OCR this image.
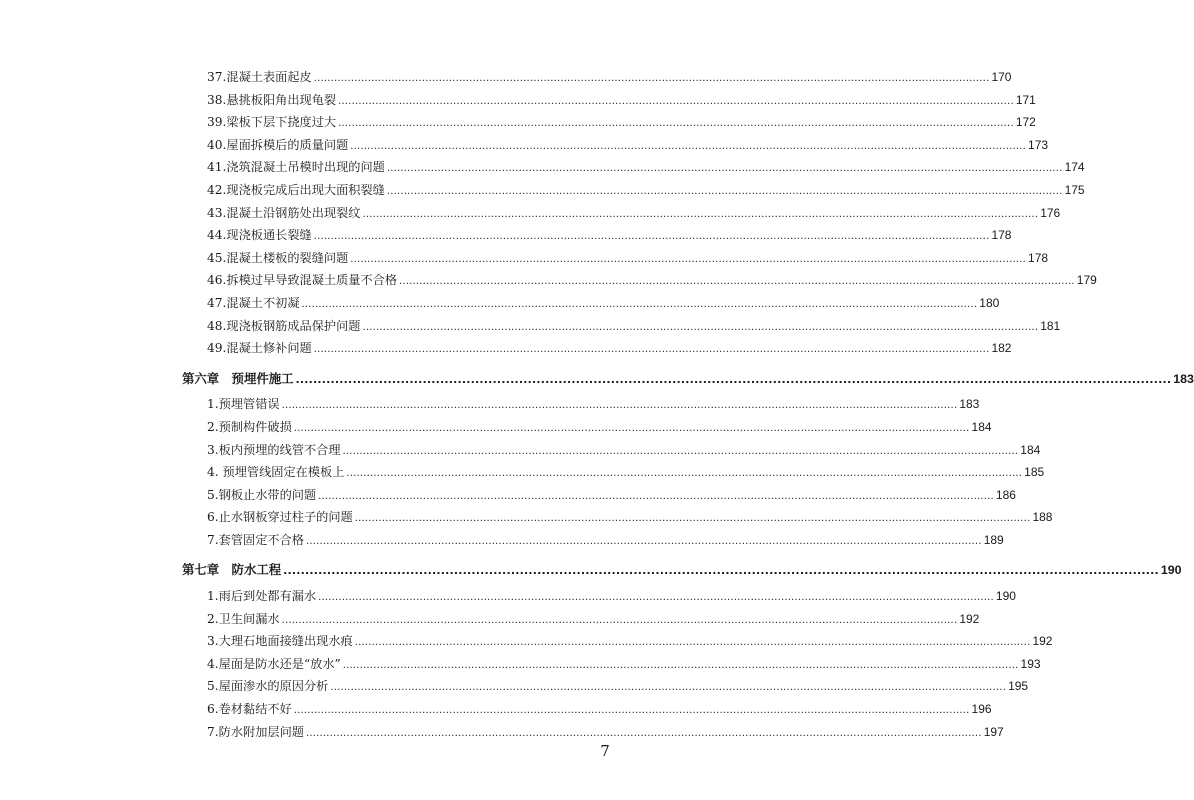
37.混凝土表面起皮 ........................................................................................................................................................................................................ 170
38.悬挑板阳角出现龟裂 ........................................................................................................................................................................................................ 171
39.梁板下层下挠度过大 ........................................................................................................................................................................................................ 172
40.屋面拆模后的质量问题 ........................................................................................................................................................................................................ 173
41.浇筑混凝土吊模时出现的问题 ........................................................................................................................................................................................................ 174
42.现浇板完成后出现大面积裂缝 ........................................................................................................................................................................................................ 175
43.混凝土沿钢筋处出现裂纹 ........................................................................................................................................................................................................ 176
44.现浇板通长裂缝 ........................................................................................................................................................................................................ 178
45.混凝土楼板的裂缝问题 ........................................................................................................................................................................................................ 178
46.拆模过早导致混凝土质量不合格 ........................................................................................................................................................................................................ 179
47.混凝土不初凝 ........................................................................................................................................................................................................ 180
48.现浇板钢筋成品保护问题 ........................................................................................................................................................................................................ 181
49.混凝土修补问题 ........................................................................................................................................................................................................ 182
第六章　预埋件施工 ........................................................................................................................................................................................................ 183
1.预埋管错误 ........................................................................................................................................................................................................ 183
2.预制构件破损 ........................................................................................................................................................................................................ 184
3.板内预埋的线管不合理 ........................................................................................................................................................................................................ 184
4. 预埋管线固定在模板上 ........................................................................................................................................................................................................ 185
5.钢板止水带的问题 ........................................................................................................................................................................................................ 186
6.止水钢板穿过柱子的问题 ........................................................................................................................................................................................................ 188
7.套管固定不合格 ........................................................................................................................................................................................................ 189
第七章　防水工程 ........................................................................................................................................................................................................ 190
1.雨后到处都有漏水 ........................................................................................................................................................................................................ 190
2.卫生间漏水 ........................................................................................................................................................................................................ 192
3.大理石地面接缝出现水痕 ........................................................................................................................................................................................................ 192
4.屋面是防水还是“放水” ........................................................................................................................................................................................................ 193
5.屋面渗水的原因分析 ........................................................................................................................................................................................................ 195
6.卷材黏结不好 ........................................................................................................................................................................................................ 196
7.防水附加层问题 ........................................................................................................................................................................................................ 197
7
